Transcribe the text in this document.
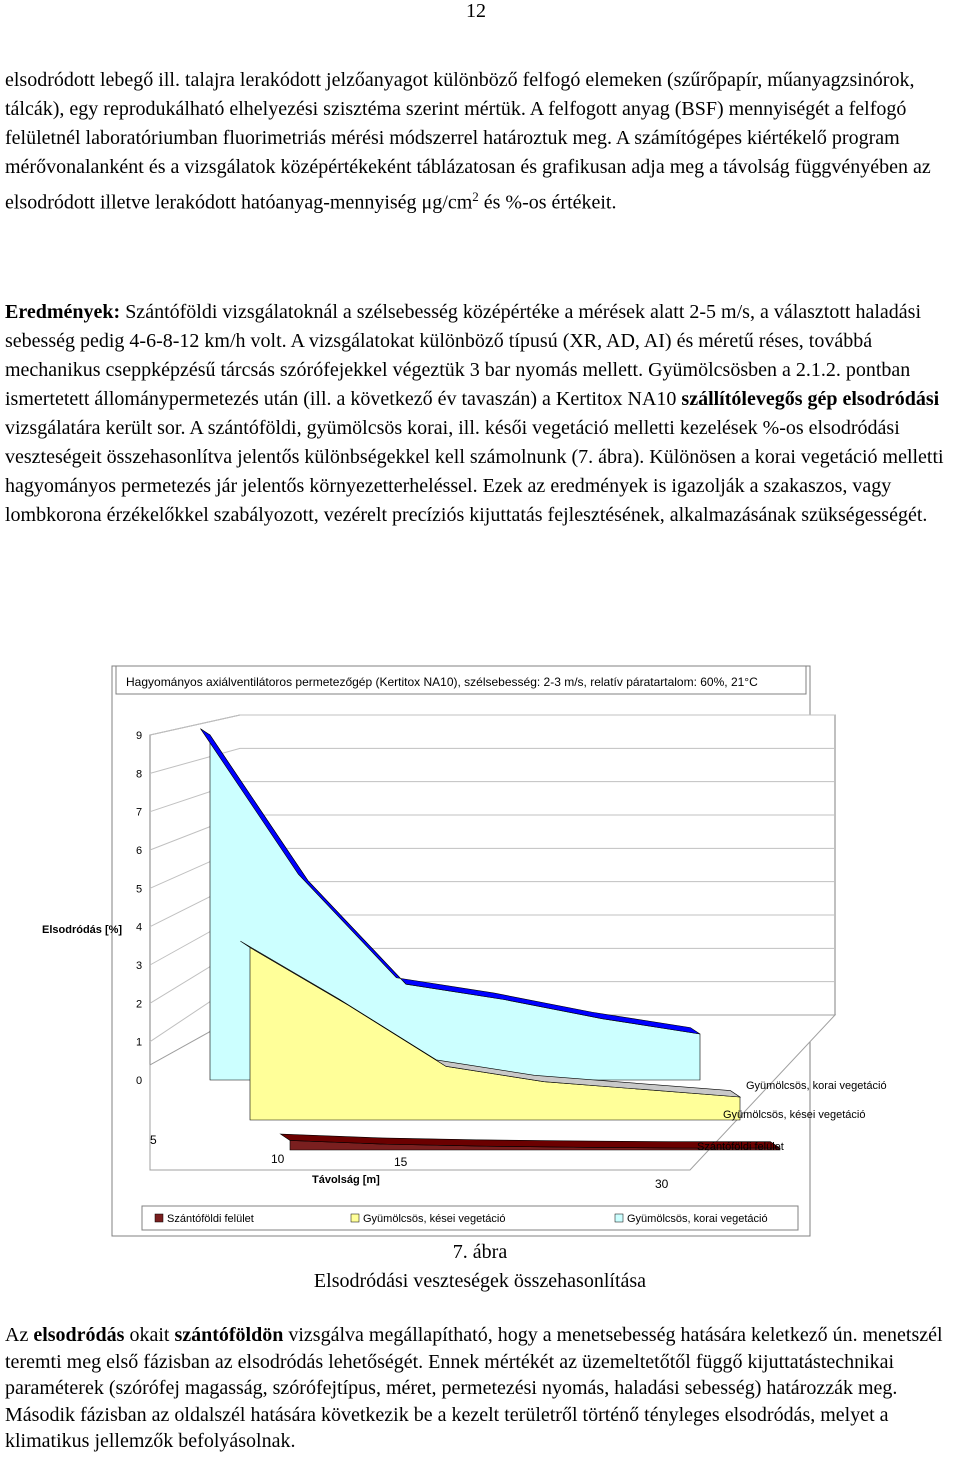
12

elsodródott lebegő ill. talajra lerakódott jelzőanyagot különböző felfogó elemeken (szűrőpapír, műanyagzsinórok, tálcák), egy reprodukálható elhelyezési szisztéma szerint mértük. A felfogott anyag (BSF) mennyiségét a felfogó felületnél laboratóriumban fluorimetriás mérési módszerrel határoztuk meg. A számítógépes kiértékelő program mérővonalanként és a vizsgálatok középértékeként táblázatosan és grafikusan adja meg a távolság függvényében az elsodródott illetve lerakódott hatóanyag-mennyiség $\mu g/cm^2$ és %-os értékeit.

Eredmények: Szántóföldi vizsgálatoknál a szélsebesség középértéke a mérések alatt 2-5 m/s, a választott haladási sebesség pedig 4-6-8-12 km/h volt. A vizsgálatokat különböző típusú (XR, AD, AI) és méretű réses, továbbá mechanikus cseppképzésű tárcsás szórófejekkel végeztük 3 bar nyomás mellett. Gyümölcsösben a 2.1.2. pontban ismertetett állománypermetezés után (ill. a következő év tavaszán) a Kertitox NA10 szállítólevegős gép elsodródási vizsgálatára került sor. A szántóföldi, gyümölcsös korai, ill. késői vegetáció melletti kezelések %-os elsodródási veszteségeit összehasonlítva jelentős különbségekkel kell számolnunk (7. ábra). Különösen a korai vegetáció melletti hagyományos permetezés jár jelentős környezetterheléssel. Ezek az eredmények is igazolják a szakaszos, vagy lombkorona érzékelőkkel szabályozott, vezérelt precíziós kijuttatás fejlesztésének, alkalmazásának szükségességét.

Hagyományos axiálventilátoros permetezőgép (Kertitox NA10), szélsebesség: 2-3 m/s, relatív páratartalom: 60%, 21°C
0
1
2
3
4
5
6
7
8
9
Elsodródás [%]
Gyümölcsös, korai vegetáció
Gyümölcsös, kései vegetáció
Szántóföldi felület
5
10	15
30
Távolság [m]
Szántóföldi felület	Gyümölcsös, kései vegetáció	Gyümölcsös, korai vegetáció
7. ábra
Elsodródási veszteségek összehasonlítása

Az elsodródás okait szántóföldön vizsgálva megállapítható, hogy a menetsebesség hatására keletkező ún. menetszél teremti meg első fázisban az elsodródás lehetőségét. Ennek mértékét az üzemeltetőtől függő kijuttatástechnikai paraméterek (szórófej magasság, szórófejtípus, méret, permetezési nyomás, haladási sebesség) határozzák meg. Második fázisban az oldalszél hatására következik be a kezelt területről történő tényleges elsodródás, melyet a klimatikus jellemzők befolyásolnak.
